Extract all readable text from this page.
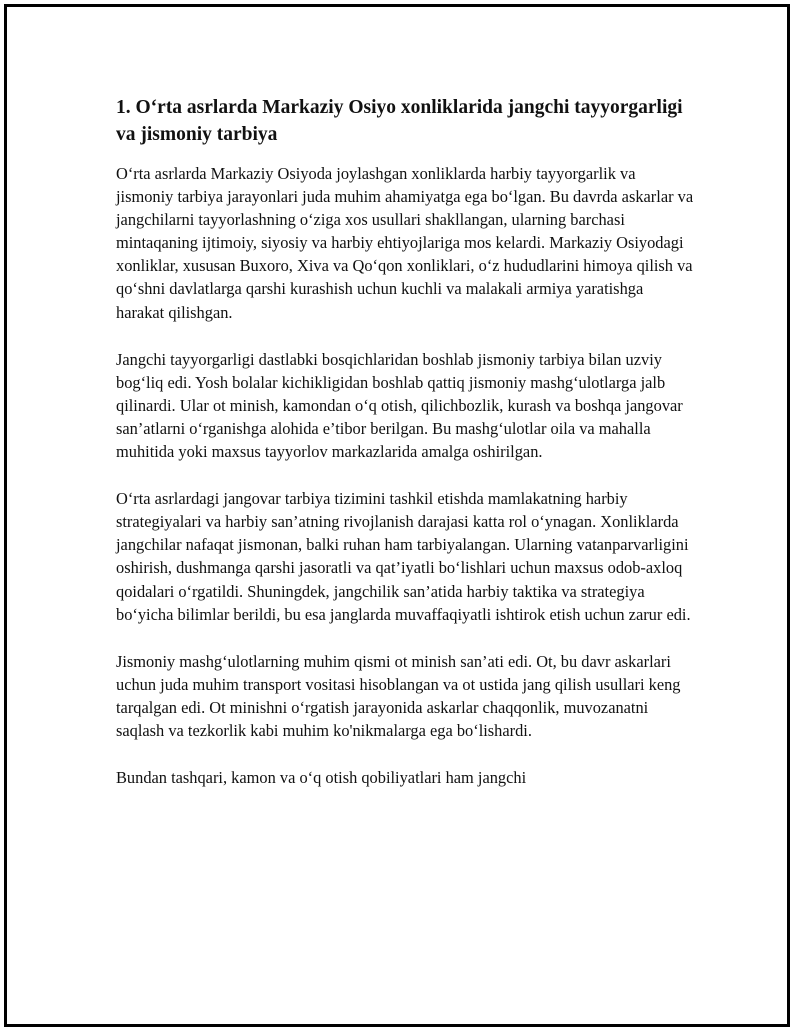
1. O‘rta asrlarda Markaziy Osiyo xonliklarida jangchi tayyorgarligi va jismoniy tarbiya

O‘rta asrlarda Markaziy Osiyoda joylashgan xonliklarda harbiy tayyorgarlik va jismoniy tarbiya jarayonlari juda muhim ahamiyatga ega bo‘lgan. Bu davrda askarlar va jangchilarni tayyorlashning o‘ziga xos usullari shakllangan, ularning barchasi mintaqaning ijtimoiy, siyosiy va harbiy ehtiyojlariga mos kelardi. Markaziy Osiyodagi xonliklar, xususan Buxoro, Xiva va Qo‘qon xonliklari, o‘z hududlarini himoya qilish va qo‘shni davlatlarga qarshi kurashish uchun kuchli va malakali armiya yaratishga harakat qilishgan.

Jangchi tayyorgarligi dastlabki bosqichlaridan boshlab jismoniy tarbiya bilan uzviy bog‘liq edi. Yosh bolalar kichikligidan boshlab qattiq jismoniy mashg‘ulotlarga jalb qilinardi. Ular ot minish, kamondan o‘q otish, qilichbozlik, kurash va boshqa jangovar san’atlarni o‘rganishga alohida e’tibor berilgan. Bu mashg‘ulotlar oila va mahalla muhitida yoki maxsus tayyorlov markazlarida amalga oshirilgan.

O‘rta asrlardagi jangovar tarbiya tizimini tashkil etishda mamlakatning harbiy strategiyalari va harbiy san’atning rivojlanish darajasi katta rol o‘ynagan. Xonliklarda jangchilar nafaqat jismonan, balki ruhan ham tarbiyalangan. Ularning vatanparvarligini oshirish, dushmanga qarshi jasoratli va qat’iyatli bo‘lishlari uchun maxsus odob-axloq qoidalari o‘rgatildi. Shuningdek, jangchilik san’atida harbiy taktika va strategiya bo‘yicha bilimlar berildi, bu esa janglarda muvaffaqiyatli ishtirok etish uchun zarur edi.

Jismoniy mashg‘ulotlarning muhim qismi ot minish san’ati edi. Ot, bu davr askarlari uchun juda muhim transport vositasi hisoblangan va ot ustida jang qilish usullari keng tarqalgan edi. Ot minishni o‘rgatish jarayonida askarlar chaqqonlik, muvozanatni saqlash va tezkorlik kabi muhim ko'nikmalarga ega bo‘lishardi.

Bundan tashqari, kamon va o‘q otish qobiliyatlari ham jangchi
